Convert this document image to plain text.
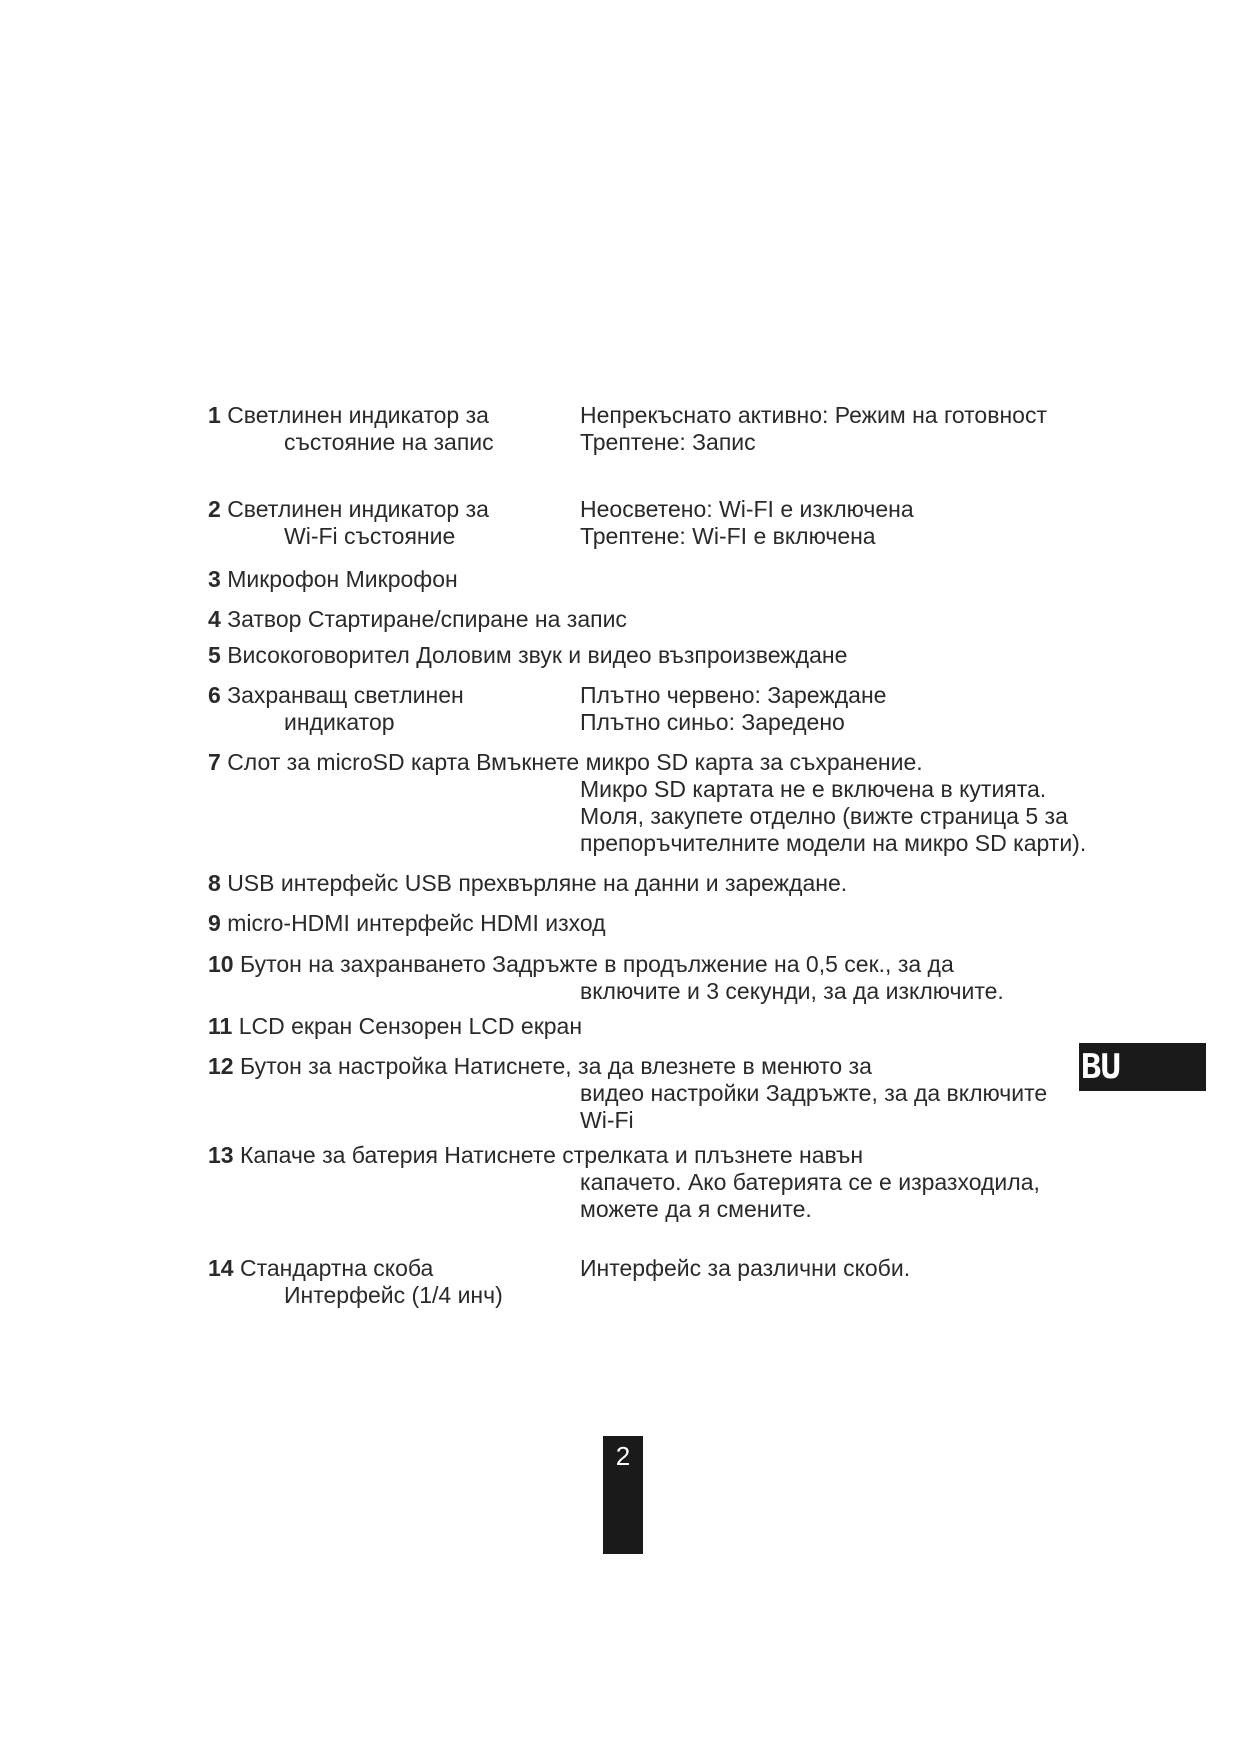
1 Светлинен индикатор за
състояние на запис
Непрекъснато активно: Режим на готовност
Трептене: Запис
2 Светлинен индикатор за
Wi-Fi състояние
Неосветено: Wi-FI е изключена
Трептене: Wi-FI е включена
3 Микрофон Микрофон
4 Затвор Стартиране/спиране на запис
5 Високоговорител Доловим звук и видео възпроизвеждане
6 Захранващ светлинен
индикатор
Плътно червено: Зареждане
Плътно синьо: Заредено
7 Слот за microSD карта Вмъкнете микро SD карта за съхранение.
Микро SD картата не е включена в кутията.
Моля, закупете отделно (вижте страница 5 за
препоръчителните модели на микро SD карти).
8 USB интерфейс USB прехвърляне на данни и зареждане.
9 micro-HDMI интерфейс HDMI изход
10 Бутон на захранването Задръжте в продължение на 0,5 сек., за да
включите и 3 секунди, за да изключите.
11 LCD екран Сензорен LCD екран
12 Бутон за настройка Натиснете, за да влезнете в менюто за
видео настройки Задръжте, за да включите
Wi-Fi
13 Капаче за батерия Натиснете стрелката и плъзнете навън
капачето. Ако батерията се е изразходила,
можете да я смените.
14 Стандартна скоба
Интерфейс (1/4 инч)
Интерфейс за различни скоби.
BU
2
